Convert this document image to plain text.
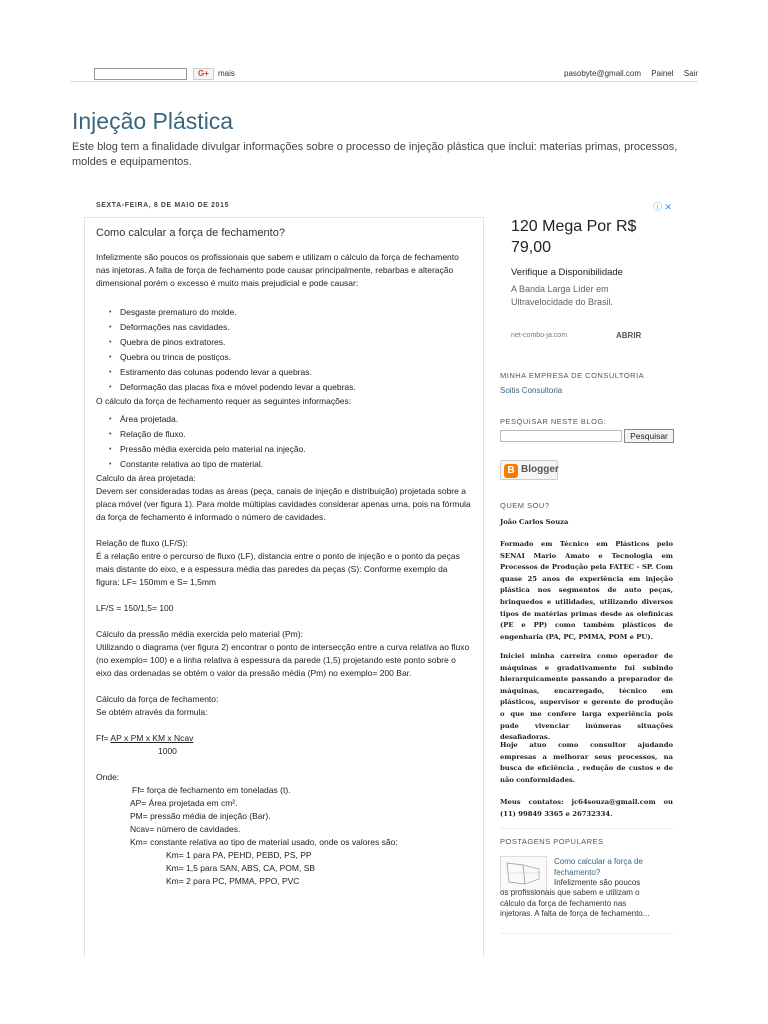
G+	mais	pasobyte@gmail.com Painel Sair
Injeção Plástica
Este blog tem a finalidade divulgar informações sobre o processo de injeção plástica que inclui: materias primas, processos, moldes e equipamentos.
SEXTA-FEIRA, 8 DE MAIO DE 2015
Como calcular a força de fechamento?

Infelizmente são poucos os profissionais que sabem e utilizam o cálculo da força de fechamento nas injetoras. A falta de força de fechamento pode causar principalmente, rebarbas e alteração dimensional porém o excesso é muito mais prejudicial e pode causar:

• Desgaste prematuro do molde.
• Deformações nas cavidades.
• Quebra de pinos extratores.
• Quebra ou trinca de postiços.
• Estiramento das colunas podendo levar a quebras.
• Deformação das placas fixa e móvel podendo levar a quebras.

O cálculo da força de fechamento requer as seguintes informações:

• Área projetada.
• Relação de fluxo.
• Pressão média exercida pelo material na injeção.
• Constante relativa ao tipo de material.

Calculo da área projetada:

Devem ser consideradas todas as áreas (peça, canais de injeção e distribuição) projetada sobre a placa móvel (ver figura 1). Para molde múltiplas cavidades considerar apenas uma, pois na fórmula da força de fechamento é informado o número de cavidades.

Relação de fluxo (LF/S):

É a relação entre o percurso de fluxo (LF), distancia entre o ponto de injeção e o ponto da peças mais distante do eixo, e a espessura média das paredes da peças (S): Conforme exemplo da figura: LF= 150mm e S= 1,5mm

LF/S = 150/1,5= 100

Cálculo da pressão média exercida pelo material (Pm):

Utilizando o diagrama (ver figura 2) encontrar o ponto de intersecção entre a curva relativa ao fluxo (no exemplo= 100) e a linha relativa à espessura da parede (1,5) projetando este ponto sobre o eixo das ordenadas se obtém o valor da pressão média (Pm) no exemplo= 200 Bar.

Cálculo da força de fechamento:

Se obtém através da formula:

Ff= AP x PM x KM x Ncav

1000

Onde:

Ff= força de fechamento em toneladas (t).

AP= Área projetada em cm².

PM= pressão média de injeção (Bar).

Ncav= número de cavidades.

Km= constante relativa ao tipo de material usado, onde os valores são:

Km= 1 para PA, PEHD, PEBD, PS, PP

Km= 1,5 para SAN, ABS, CA, POM, SB

Km= 2 para PC, PMMA, PPO, PVC

ⓘ ✕
120 Mega Por R$ 79,00
Verifique a Disponibilidade
A Banda Larga Líder em Ultravelocidade do Brasil.
net-combo-ja.com	ABRIR
MINHA EMPRESA DE CONSULTORIA
Soitis Consultoria
PESQUISAR NESTE BLOG:
Pesquisar
B Blogger
QUEM SOU?
João Carlos Souza
Formado em Técnico em Plásticos pelo SENAI Mario Amato e Tecnologia em Processos de Produção pela FATEC - SP. Com quase 25 anos de experiência em injeção plástica nos segmentos de auto peças, brinquedos e utilidades, utilizando diversos tipos de matérias primas desde as olefinicas (PE e PP) como também plásticos de engenharia (PA, PC, PMMA, POM e PU).
Iniciei minha carreira como operador de máquinas e gradativamente fui subindo hierarquicamente passando a preparador de máquinas, encarregado, técnico em plásticos, supervisor e gerente de produção o que me confere larga experiência pois pude vivenciar inúmeras situações desafiadoras.
Hoje atuo como consultor ajudando empresas a melhorar seus processos, na busca de eficiência , redução de custos e de não conformidades.
Meus contatos: jc64souza@gmail.com ou (11) 99849 3365 e 26732334.
POSTAGENS POPULARES
Como calcular a força de fechamento?
Infelizmente são poucos os profissionais que sabem e utilizam o cálculo da força de fechamento nas injetoras. A falta de força de fechamento...
